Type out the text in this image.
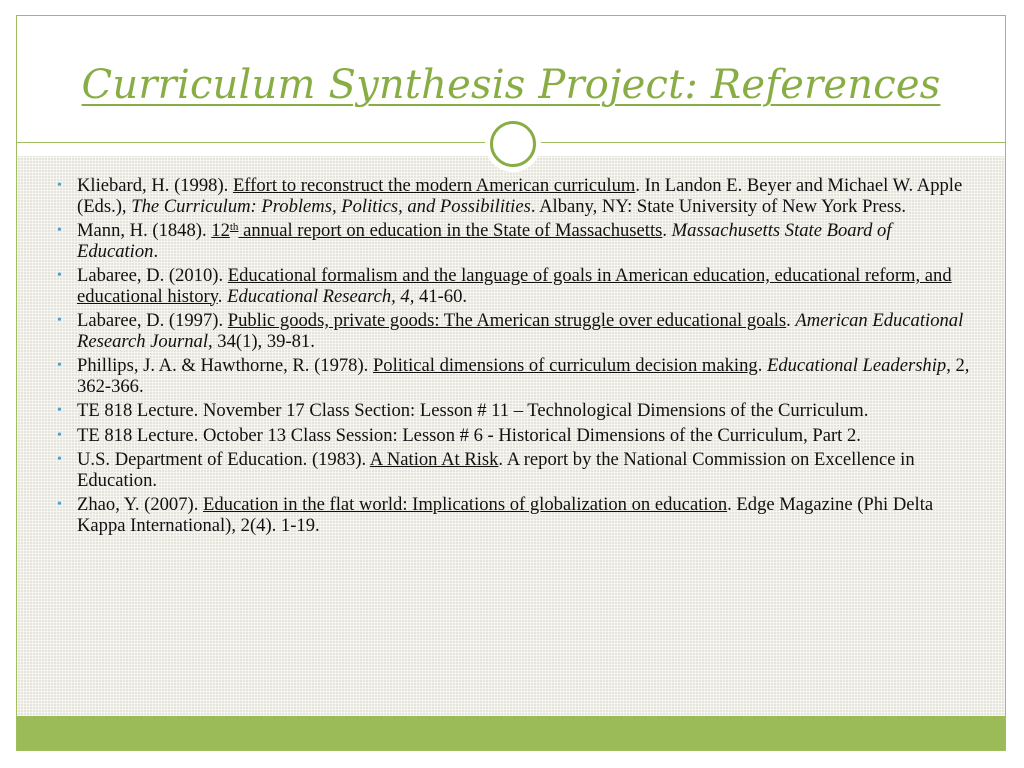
Curriculum Synthesis Project: References
• Kliebard, H. (1998). Effort to reconstruct the modern American curriculum. In Landon E. Beyer and Michael W. Apple (Eds.), The Curriculum: Problems, Politics, and Possibilities. Albany, NY: State University of New York Press.
• Mann, H. (1848). 12th annual report on education in the State of Massachusetts. Massachusetts State Board of Education.
• Labaree, D. (2010). Educational formalism and the language of goals in American education, educational reform, and educational history. Educational Research, 4, 41-60.
• Labaree, D. (1997). Public goods, private goods: The American struggle over educational goals. American Educational Research Journal, 34(1), 39-81.
• Phillips, J. A. & Hawthorne, R. (1978). Political dimensions of curriculum decision making. Educational Leadership, 2, 362-366.
• TE 818 Lecture. November 17 Class Section: Lesson # 11 – Technological Dimensions of the Curriculum.
• TE 818 Lecture. October 13 Class Session: Lesson # 6 - Historical Dimensions of the Curriculum, Part 2.
• U.S. Department of Education. (1983). A Nation At Risk. A report by the National Commission on Excellence in Education.
• Zhao, Y. (2007). Education in the flat world: Implications of globalization on education. Edge Magazine (Phi Delta Kappa International), 2(4). 1-19.
